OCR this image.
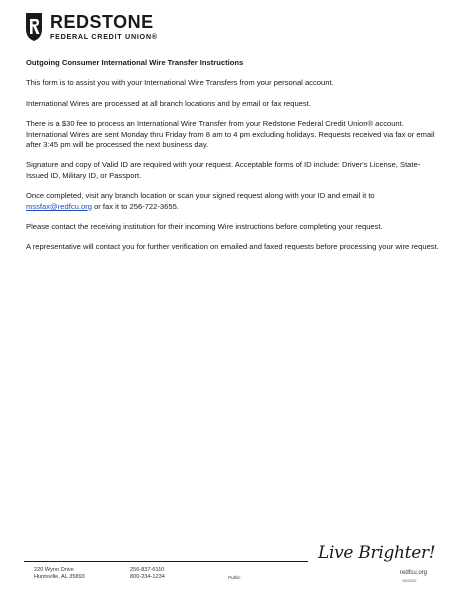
REDSTONE
FEDERAL CREDIT UNION®

Outgoing Consumer International Wire Transfer Instructions

This form is to assist you with your International Wire Transfers from your personal account.

International Wires are processed at all branch locations and by email or fax request.

There is a $30 fee to process an International Wire Transfer from your Redstone Federal Credit Union® account. International Wires are sent Monday thru Friday from 8 am to 4 pm excluding holidays. Requests received via fax or email after 3:45 pm will be processed the next business day.

Signature and copy of Valid ID are required with your request. Acceptable forms of ID include: Driver's License, State-Issued ID, Military ID, or Passport.

Once completed, visit any branch location or scan your signed request along with your ID and email it to mssfax@redfcu.org or fax it to 256-722-3655.

Please contact the receiving institution for their incoming Wire instructions before completing your request.

A representative will contact you for further verification on emailed and faxed requests before processing your wire request.

220 Wynn Drive
Huntsville, AL 35893
256-837-6110
800-234-1234	Public
Live Brighter!
redfcu.org
10/2022
